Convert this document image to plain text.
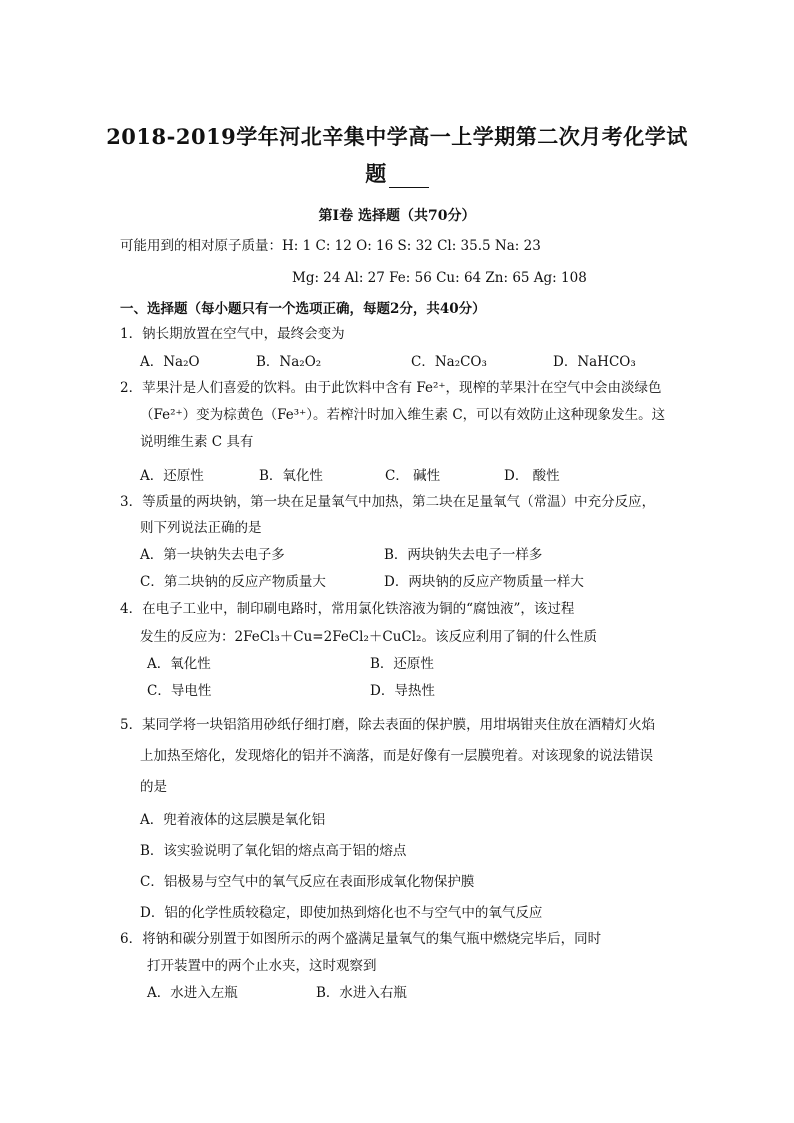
2018-2019学年河北辛集中学高一上学期第二次月考化学试
题
第Ⅰ卷 选择题（共70分）
可能用到的相对原子质量：H: 1 C: 12 O: 16 S: 32 Cl: 35.5 Na: 23
Mg: 24 Al: 27 Fe: 56 Cu: 64 Zn: 65 Ag: 108
一、选择题（每小题只有一个选项正确，每题2分，共40分）
1．钠长期放置在空气中，最终会变为
A．Na₂O	B．Na₂O₂	C．Na₂CO₃	D．NaHCO₃
2．苹果汁是人们喜爱的饮料。由于此饮料中含有 Fe²⁺，现榨的苹果汁在空气中会由淡绿色
（Fe²⁺）变为棕黄色（Fe³⁺）。若榨汁时加入维生素 C，可以有效防止这种现象发生。这
说明维生素 C 具有
A．还原性	B．氧化性	C． 碱性	D． 酸性
3．等质量的两块钠，第一块在足量氧气中加热，第二块在足量氧气（常温）中充分反应，
则下列说法正确的是
A．第一块钠失去电子多	B．两块钠失去电子一样多
C．第二块钠的反应产物质量大	D．两块钠的反应产物质量一样大
4．在电子工业中，制印刷电路时，常用氯化铁溶液为铜的“腐蚀液”，该过程
发生的反应为：2FeCl₃＋Cu=2FeCl₂＋CuCl₂。该反应利用了铜的什么性质
A．氧化性	B．还原性
C．导电性	D．导热性
5．某同学将一块铝箔用砂纸仔细打磨，除去表面的保护膜，用坩埚钳夹住放在酒精灯火焰
上加热至熔化，发现熔化的铝并不滴落，而是好像有一层膜兜着。对该现象的说法错误
的是
A．兜着液体的这层膜是氧化铝
B．该实验说明了氧化铝的熔点高于铝的熔点
C．铝极易与空气中的氧气反应在表面形成氧化物保护膜
D．铝的化学性质较稳定，即使加热到熔化也不与空气中的氧气反应
6．将钠和碳分别置于如图所示的两个盛满足量氧气的集气瓶中燃烧完毕后，同时
打开装置中的两个止水夹，这时观察到
A．水进入左瓶	B．水进入右瓶
